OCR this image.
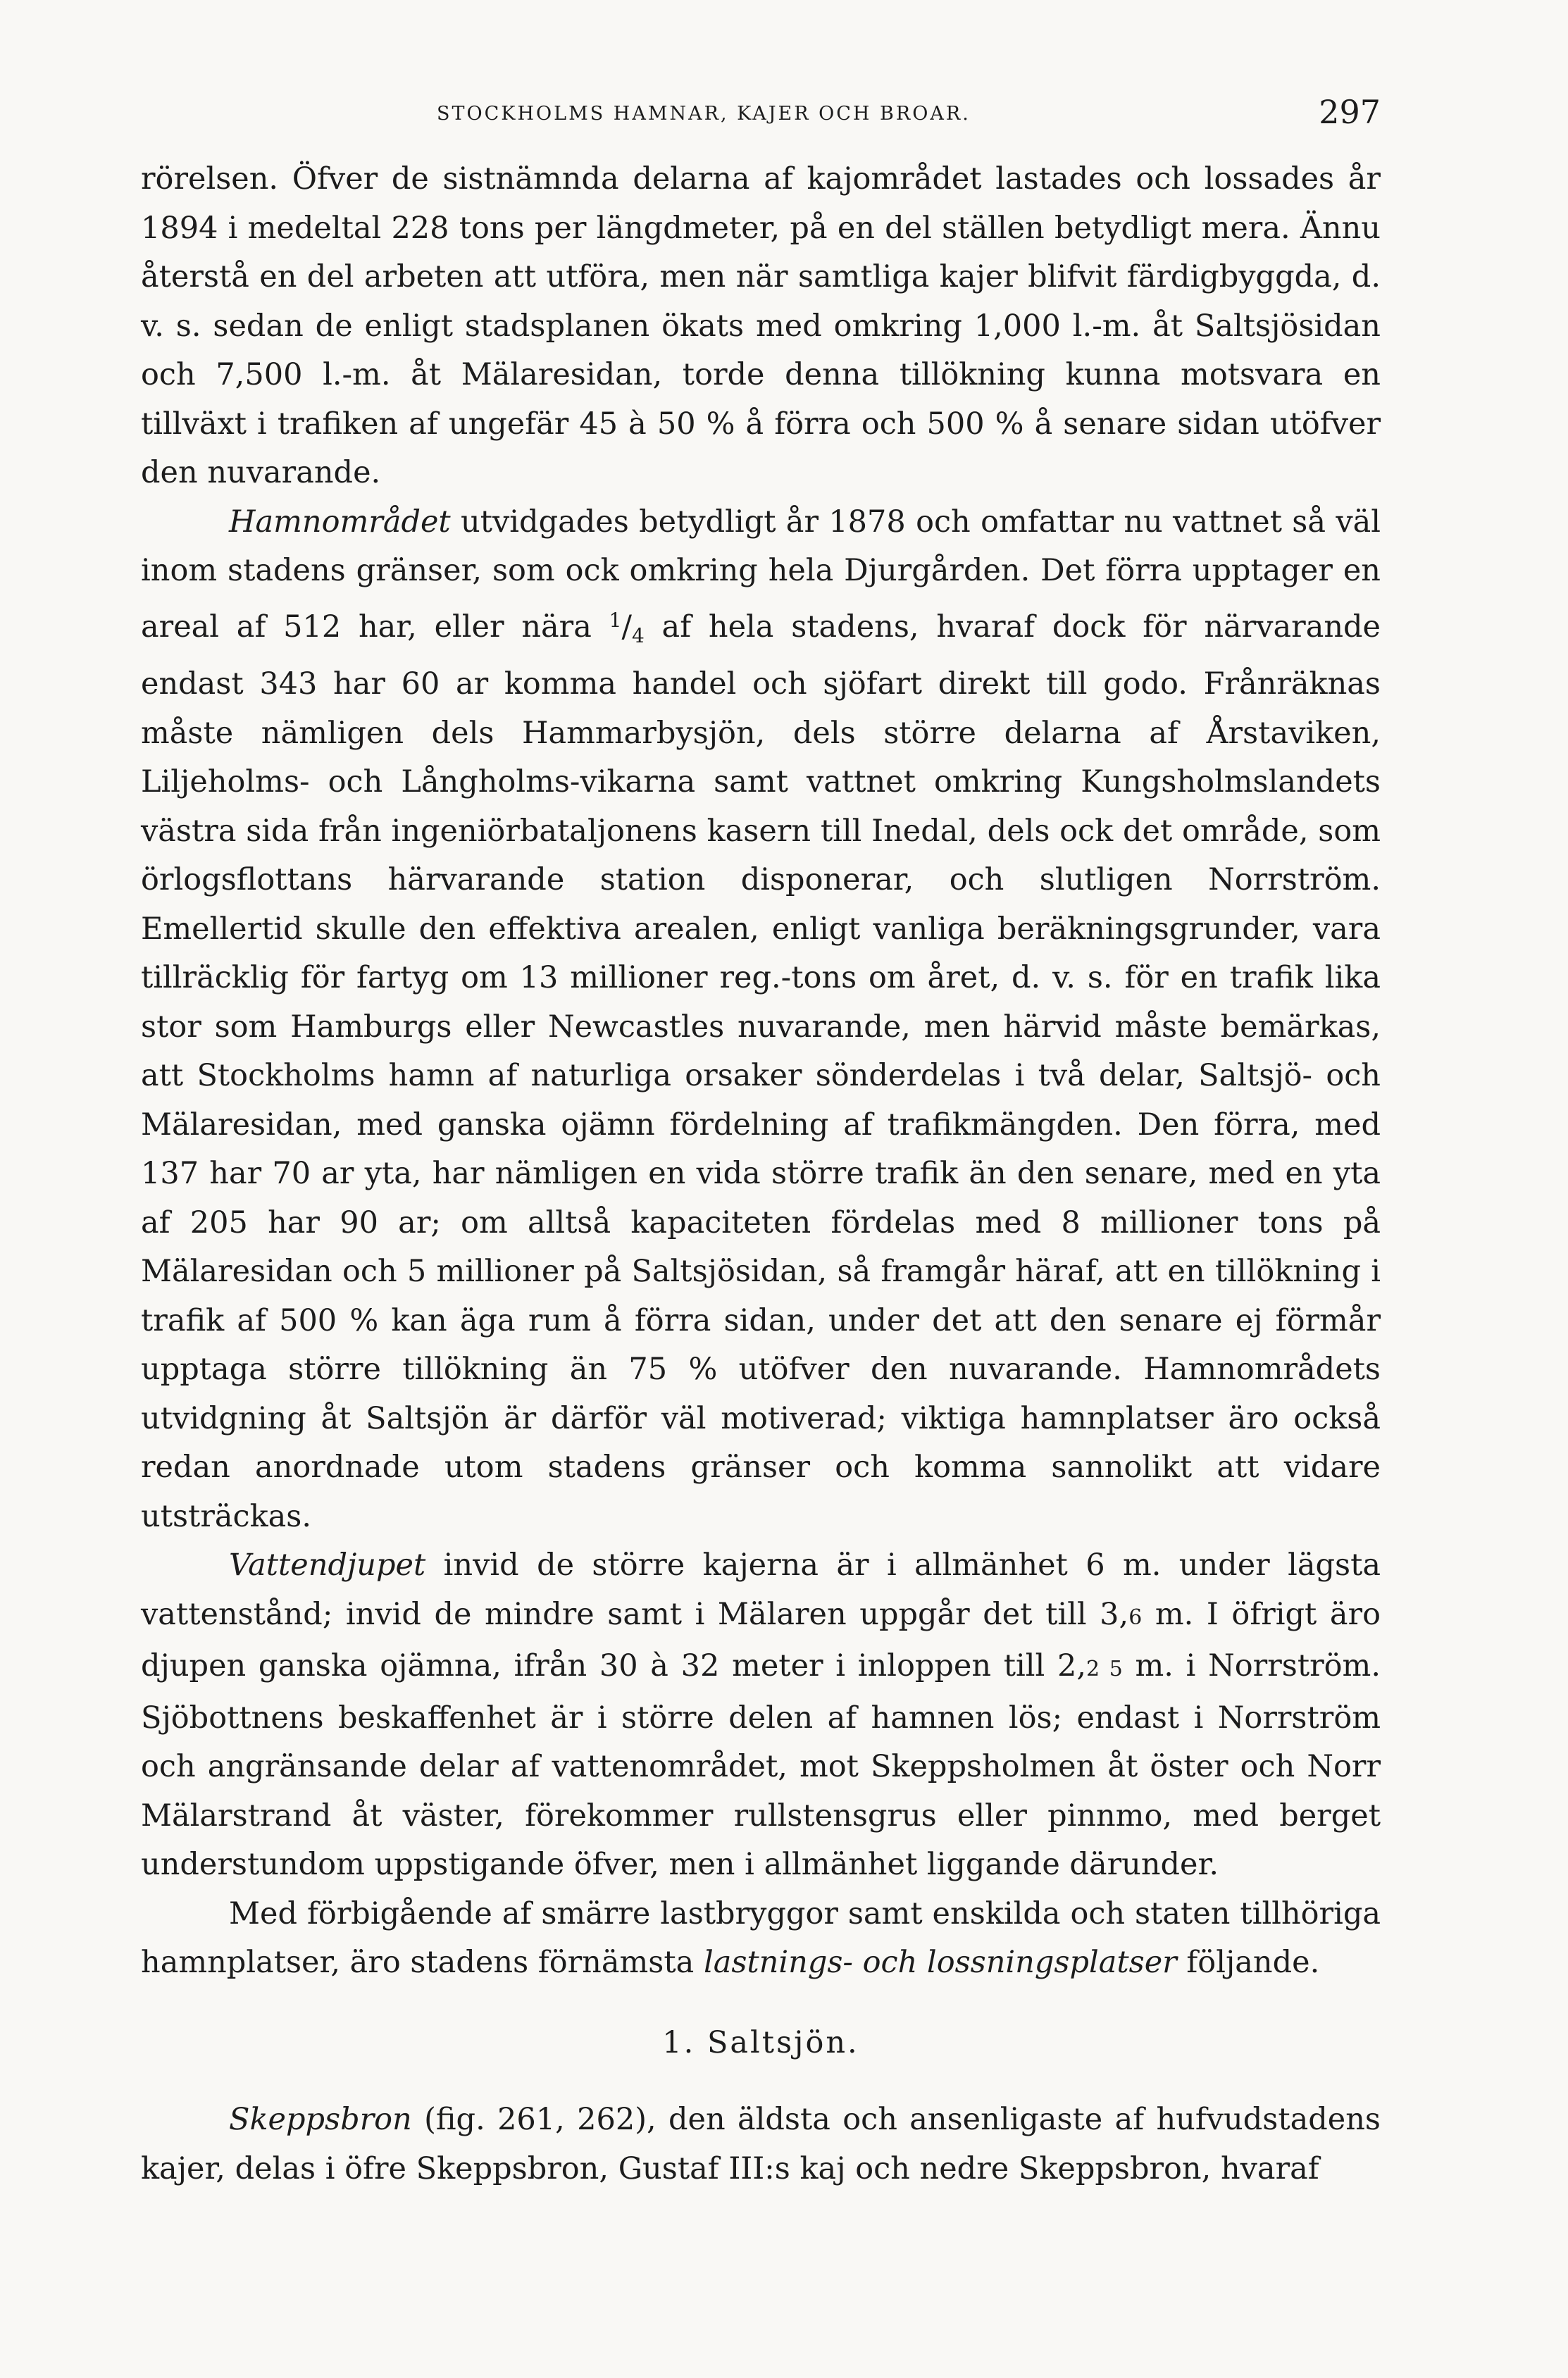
STOCKHOLMS HAMNAR, KAJER OCH BROAR.	297

rörelsen. Öfver de sistnämnda delarna af kajområdet lastades och lossades år 1894 i medeltal 228 tons per längdmeter, på en del ställen betydligt mera. Ännu återstå en del arbeten att utföra, men när samtliga kajer blifvit färdigbyggda, d. v. s. sedan de enligt stadsplanen ökats med omkring 1,000 l.-m. åt Saltsjösidan och 7,500 l.-m. åt Mälaresidan, torde denna tillökning kunna motsvara en tillväxt i trafiken af ungefär 45 à 50 % å förra och 500 % å senare sidan utöfver den nuvarande.

Hamnområdet utvidgades betydligt år 1878 och omfattar nu vattnet så väl inom stadens gränser, som ock omkring hela Djurgården. Det förra upptager en areal af 512 har, eller nära $^1$/4 af hela stadens, hvaraf dock för närvarande endast 343 har 60 ar komma handel och sjöfart direkt till godo. Frånräknas måste nämligen dels Hammarbysjön, dels större delarna af Årstaviken, Liljeholms- och Långholms-vikarna samt vattnet omkring Kungsholmslandets västra sida från ingeniörbataljonens kasern till Inedal, dels ock det område, som örlogsflottans härvarande station disponerar, och slutligen Norrström. Emellertid skulle den effektiva arealen, enligt vanliga beräkningsgrunder, vara tillräcklig för fartyg om 13 millioner reg.-tons om året, d. v. s. för en trafik lika stor som Hamburgs eller Newcastles nuvarande, men härvid måste bemärkas, att Stockholms hamn af naturliga orsaker sönderdelas i två delar, Saltsjö- och Mälaresidan, med ganska ojämn fördelning af trafikmängden. Den förra, med 137 har 70 ar yta, har nämligen en vida större trafik än den senare, med en yta af 205 har 90 ar; om alltså kapaciteten fördelas med 8 millioner tons på Mälaresidan och 5 millioner på Saltsjösidan, så framgår häraf, att en tillökning i trafik af 500 % kan äga rum å förra sidan, under det att den senare ej förmår upptaga större tillökning än 75 % utöfver den nuvarande. Hamnområdets utvidgning åt Saltsjön är därför väl motiverad; viktiga hamnplatser äro också redan anordnade utom stadens gränser och komma sannolikt att vidare utsträckas.

Vattendjupet invid de större kajerna är i allmänhet 6 m. under lägsta vattenstånd; invid de mindre samt i Mälaren uppgår det till 3,6 m. I öfrigt äro djupen ganska ojämna, ifrån 30 à 32 meter i inloppen till 2,2 5 m. i Norrström. Sjöbottnens beskaffenhet är i större delen af hamnen lös; endast i Norrström och angränsande delar af vattenområdet, mot Skeppsholmen åt öster och Norr Mälarstrand åt väster, förekommer rullstensgrus eller pinnmo, med berget understundom uppstigande öfver, men i allmänhet liggande därunder.

Med förbigående af smärre lastbryggor samt enskilda och staten tillhöriga hamnplatser, äro stadens förnämsta lastnings- och lossningsplatser följande.

1. Saltsjön.

Skeppsbron (fig. 261, 262), den äldsta och ansenligaste af hufvudstadens kajer, delas i öfre Skeppsbron, Gustaf III:s kaj och nedre Skeppsbron, hvaraf
